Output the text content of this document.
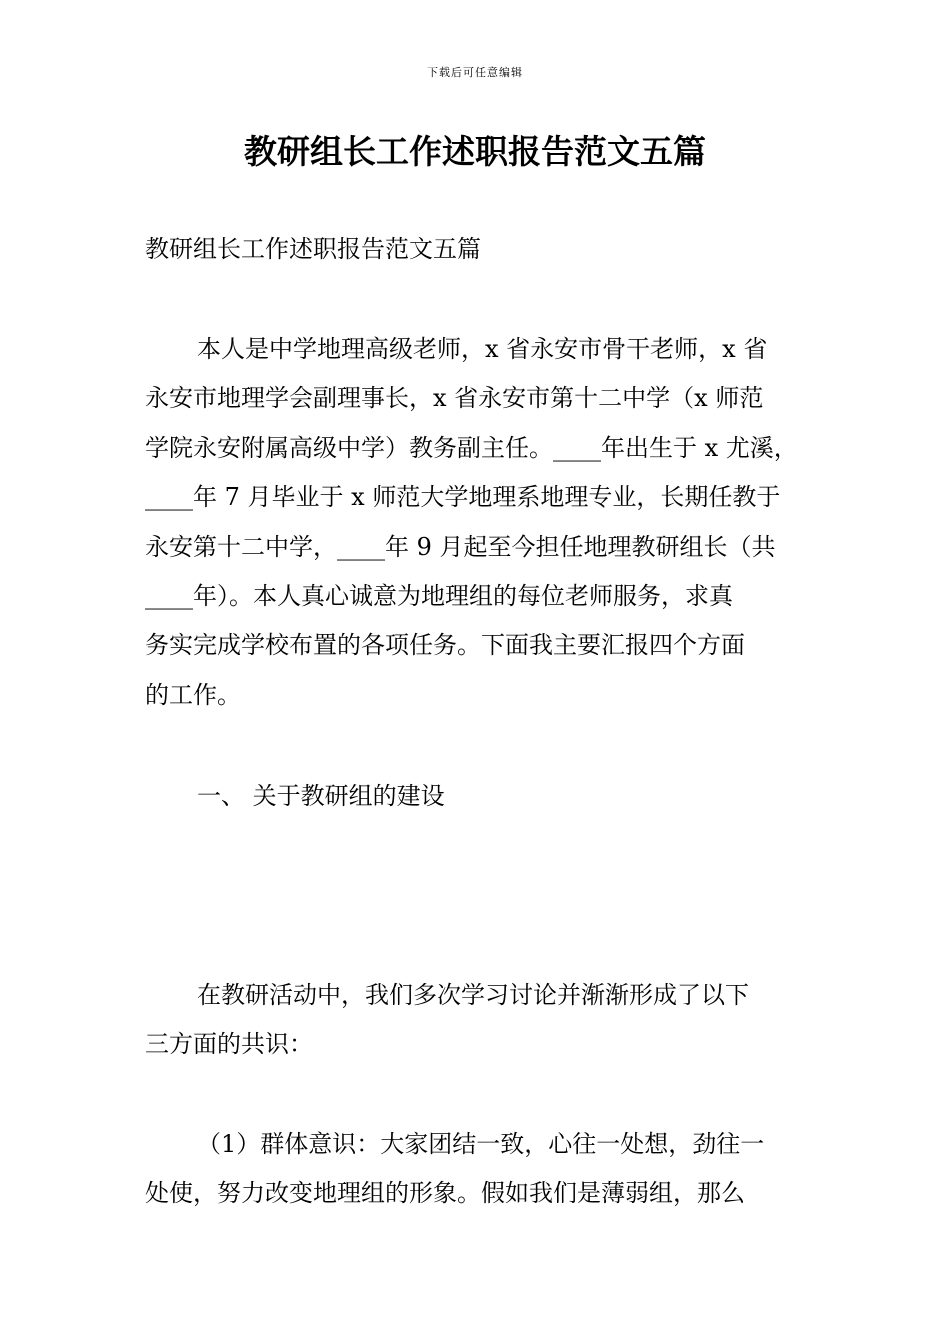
下载后可任意编辑
教研组长工作述职报告范文五篇

教研组长工作述职报告范文五篇

本人是中学地理高级老师，x 省永安市骨干老师，x 省
永安市地理学会副理事长，x 省永安市第十二中学（x 师范
学院永安附属高级中学）教务副主任。____年出生于 x 尤溪，
____年 7 月毕业于 x 师范大学地理系地理专业，长期任教于
永安第十二中学，____年 9 月起至今担任地理教研组长（共
____年）。本人真心诚意为地理组的每位老师服务，求真
务实完成学校布置的各项任务。下面我主要汇报四个方面
的工作。

一、 关于教研组的建设

在教研活动中，我们多次学习讨论并渐渐形成了以下
三方面的共识：

（1）群体意识：大家团结一致，心往一处想，劲往一
处使，努力改变地理组的形象。假如我们是薄弱组，那么
